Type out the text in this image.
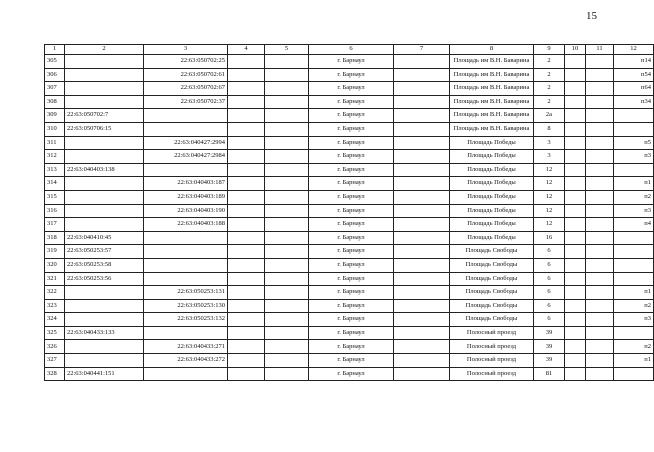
15
1	2	3	4	5	6	7	8	9	10	11	12
305		22:63:050702:25			г. Барнаул		Площадь им В.Н. Баварина	2			п14
306		22:63:050702:61			г. Барнаул		Площадь им В.Н. Баварина	2			п54
307		22:63:050702:67			г. Барнаул		Площадь им В.Н. Баварина	2			п64
308		22:63:050702:37			г. Барнаул		Площадь им В.Н. Баварина	2			п34
309	22:63:050702:7				г. Барнаул		Площадь им В.Н. Баварина	2а			
310	22:63:050706:15				г. Барнаул		Площадь им В.Н. Баварина	8			
311		22:63:040427:2994			г. Барнаул		Площадь Победы	3			п5
312		22:63:040427:2984			г. Барнаул		Площадь Победы	3			п3
313	22:63:040403:138				г. Барнаул		Площадь Победы	12			
314		22:63:040403:187			г. Барнаул		Площадь Победы	12			п1
315		22:63:040403:189			г. Барнаул		Площадь Победы	12			п2
316		22:63:040403:190			г. Барнаул		Площадь Победы	12			п3
317		22:63:040403:188			г. Барнаул		Площадь Победы	12			п4
318	22:63:040410:45				г. Барнаул		Площадь Победы	16			
319	22:63:050253:57				г. Барнаул		Площадь Свободы	6			
320	22:63:050253:58				г. Барнаул		Площадь Свободы	6			
321	22:63:050253:56				г. Барнаул		Площадь Свободы	6			
322		22:63:050253:131			г. Барнаул		Площадь Свободы	6			п1
323		22:63:050253:130			г. Барнаул		Площадь Свободы	6			п2
324		22:63:050253:132			г. Барнаул		Площадь Свободы	6			п3
325	22:63:040433:133				г. Барнаул		Полосный проезд	39			
326		22:63:040433:271			г. Барнаул		Полосный проезд	39			п2
327		22:63:040433:272			г. Барнаул		Полосный проезд	39			п1
328	22:63:040441:151				г. Барнаул		Полосный проезд	81			
